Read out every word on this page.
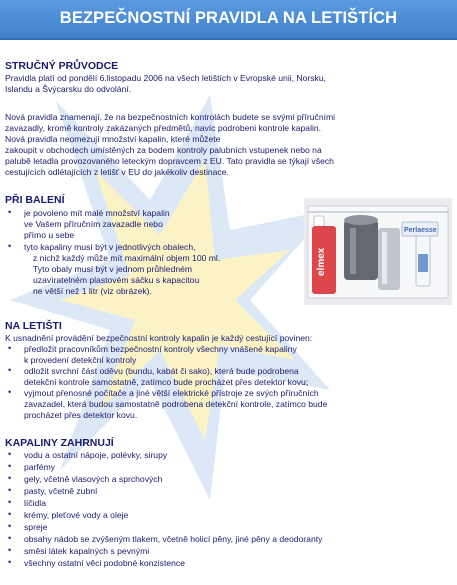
BEZPEČNOSTNÍ PRAVIDLA NA LETIŠTÍCH
STRUČNÝ PRŮVODCE
Pravidla platí od pondělí 6.listopadu 2006 na všech letištích v Evropské unii, Norsku,
Islandu a Švýcarsku do odvolání.
Nová pravidla znamenají, že na bezpečnostních kontrolách budete se svými příručními
zavazadly, kromě kontroly zakázaných předmětů, navíc podrobeni kontrole kapalin.
Nová pravidla neomezují množství kapalin, které můžete
zakoupit v obchodech umístěných za bodem kontroly palubních vstupenek nebo na
palubě letadla provozovaného leteckým dopravcem z EU. Tato pravidla se týkají všech
cestujících odlétajících z letišť v EU do jakékoliv destinace.
PŘI BALENÍ
• je povoleno mít malé množství kapalin
ve Vašem příručním zavazadle nebo
přímo u sebe
• tyto kapaliny musí být v jednotlivých obalech,
z nichž každý může mít maximální objem 100 ml.
Tyto obaly musí být v jednom průhledném
uzavíratelném plastovém sáčku s kapacitou
ne větší než 1 litr (viz obrázek).
elmex
Perlaesse
NA LETIŠTI
K usnadnění provádění bezpečnostní kontroly kapalin je každý cestující povinen:
• předložit pracovníkům bezpečnostní kontroly všechny vnášené kapaliny
k provedení detekční kontroly
• odložit svrchní část oděvu (bundu, kabát či sako), která bude podrobena
detekční kontrole samostatně, zatímco bude procházet přes detektor kovu;
• vyjmout přenosné počítače a jiné větší elektrické přístroje ze svých příručních
zavazadel, která budou samostatně podrobena detekční kontrole, zatímco bude
procházet přes detektor kovu.
KAPALINY ZAHRNUJÍ
• vodu a ostatní nápoje, polévky, sirupy
• parfémy
• gely, včetně vlasových a sprchových
• pasty, včetně zubní
• líčidla
• krémy, pleťové vody a oleje
• spreje
• obsahy nádob se zvýšeným tlakem, včetně holicí pěny, jiné pěny a deodoranty
• směsi látek kapalných s pevnými
• všechny ostatní věci podobné konzistence
